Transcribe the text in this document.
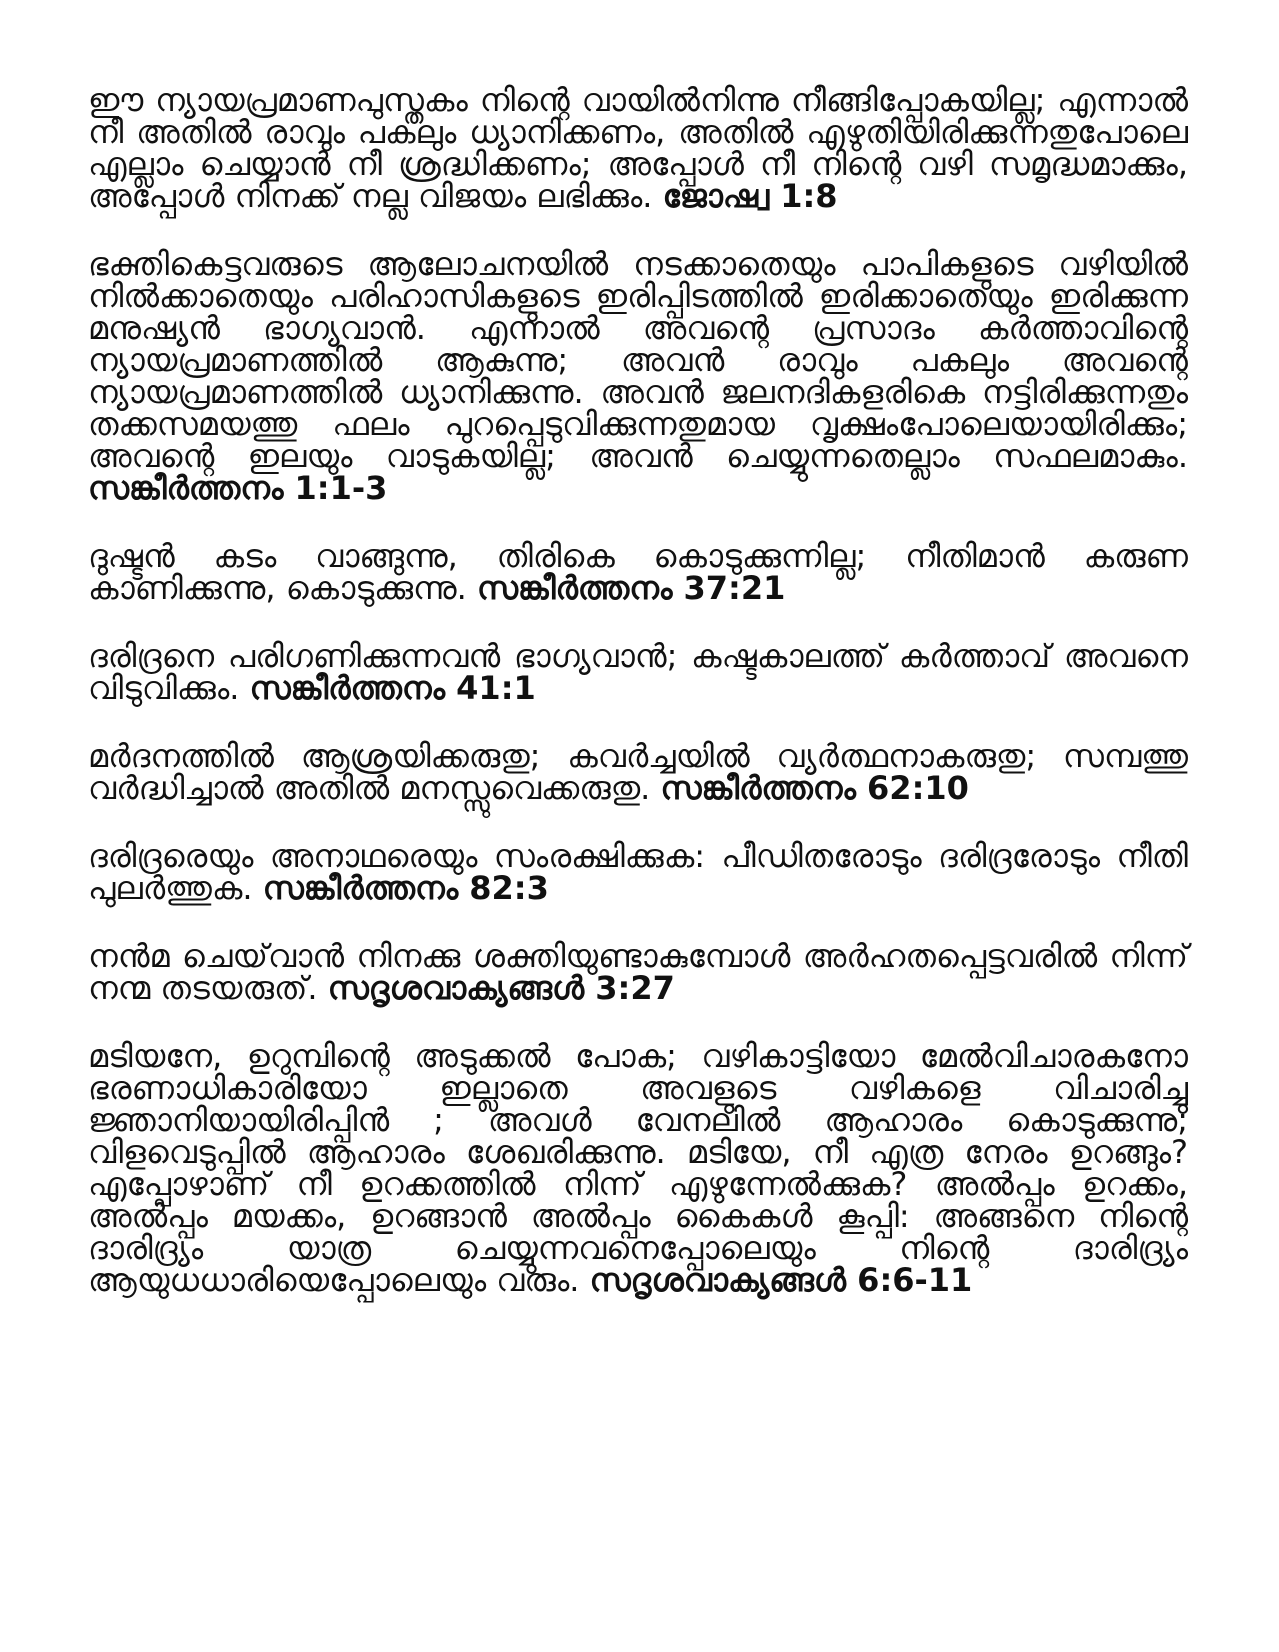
ഈ ന്യായപ്രമാണപുസ്തകം നിന്റെ വായിൽനിന്നു നീങ്ങിപ്പോകയില്ല; എന്നാൽ നീ അതിൽ രാവും പകലും ധ്യാനിക്കണം, അതിൽ എഴുതിയിരിക്കുന്നതുപോലെ എല്ലാം ചെയ്യാൻ നീ ശ്രദ്ധിക്കണം; അപ്പോൾ നീ നിന്റെ വഴി സമൃദ്ധമാക്കും, അപ്പോൾ നിനക്ക് നല്ല വിജയം ലഭിക്കും. ജോഷ്വ 1:8

ഭക്തികെട്ടവരുടെ ആലോചനയിൽ നടക്കാതെയും പാപികളുടെ വഴിയിൽ നിൽക്കാതെയും പരിഹാസികളുടെ ഇരിപ്പിടത്തിൽ ഇരിക്കാതെയും ഇരിക്കുന്ന മനുഷ്യൻ ഭാഗ്യവാൻ. എന്നാൽ അവന്റെ പ്രസാദം കർത്താവിന്റെ ന്യായപ്രമാണത്തിൽ ആകുന്നു; അവൻ രാവും പകലും അവന്റെ ന്യായപ്രമാണത്തിൽ ധ്യാനിക്കുന്നു. അവൻ ജലനദികളരികെ നട്ടിരിക്കുന്നതും തക്കസമയത്തു ഫലം പുറപ്പെടുവിക്കുന്നതുമായ വൃക്ഷംപോലെയായിരിക്കും; അവന്റെ ഇലയും വാടുകയില്ല; അവൻ ചെയ്യുന്നതെല്ലാം സഫലമാകും. സങ്കീർത്തനം 1:1-3

ദുഷ്ടൻ കടം വാങ്ങുന്നു, തിരികെ കൊടുക്കുന്നില്ല; നീതിമാൻ കരുണ കാണിക്കുന്നു, കൊടുക്കുന്നു. സങ്കീർത്തനം 37:21

ദരിദ്രനെ പരിഗണിക്കുന്നവൻ ഭാഗ്യവാൻ; കഷ്ടകാലത്ത് കർത്താവ് അവനെ വിടുവിക്കും. സങ്കീർത്തനം 41:1

മർദനത്തിൽ ആശ്രയിക്കരുതു; കവർച്ചയിൽ വ്യർത്ഥനാകരുതു; സമ്പത്തു വർദ്ധിച്ചാൽ അതിൽ മനസ്സുവെക്കരുതു. സങ്കീർത്തനം 62:10

ദരിദ്രരെയും അനാഥരെയും സംരക്ഷിക്കുക: പീഡിതരോടും ദരിദ്രരോടും നീതി പുലർത്തുക. സങ്കീർത്തനം 82:3

നൻമ ചെയ്‌വാൻ നിനക്കു ശക്തിയുണ്ടാകുമ്പോൾ അർഹതപ്പെട്ടവരിൽ നിന്ന് നന്മ തടയരുത്. സദൃശവാക്യങ്ങൾ 3:27

മടിയനേ, ഉറുമ്പിന്റെ അടുക്കൽ പോക; വഴികാട്ടിയോ മേൽവിചാരകനോ ഭരണാധികാരിയോ ഇല്ലാതെ അവളുടെ വഴികളെ വിചാരിച്ചു ജ്ഞാനിയായിരിപ്പിൻ ; അവൾ വേനലിൽ ആഹാരം കൊടുക്കുന്നു; വിളവെടുപ്പിൽ ആഹാരം ശേഖരിക്കുന്നു. മടിയേ, നീ എത്ര നേരം ഉറങ്ങും? എപ്പോഴാണ് നീ ഉറക്കത്തിൽ നിന്ന് എഴുന്നേൽക്കുക? അൽപ്പം ഉറക്കം, അൽപ്പം മയക്കം, ഉറങ്ങാൻ അൽപ്പം കൈകൾ കൂപ്പി: അങ്ങനെ നിന്റെ ദാരിദ്ര്യം യാത്ര ചെയ്യുന്നവനെപ്പോലെയും നിന്റെ ദാരിദ്ര്യം ആയുധധാരിയെപ്പോലെയും വരും. സദൃശവാക്യങ്ങൾ 6:6-11
